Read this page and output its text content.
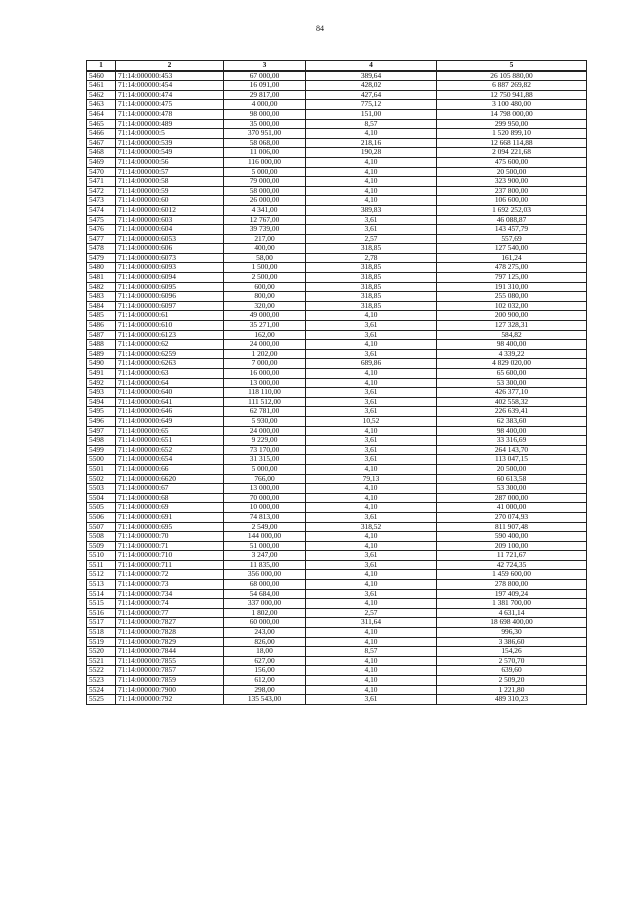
84
1	2	3	4	5
5460	71:14:000000:453	67 000,00	389,64	26 105 880,00
5461	71:14:000000:454	16 091,00	428,02	6 887 269,82
5462	71:14:000000:474	29 817,00	427,64	12 750 941,88
5463	71:14:000000:475	4 000,00	775,12	3 100 480,00
5464	71:14:000000:478	98 000,00	151,00	14 798 000,00
5465	71:14:000000:489	35 000,00	8,57	299 950,00
5466	71:14:000000:5	370 951,00	4,10	1 520 899,10
5467	71:14:000000:539	58 068,00	218,16	12 668 114,88
5468	71:14:000000:549	11 006,00	190,28	2 094 221,68
5469	71:14:000000:56	116 000,00	4,10	475 600,00
5470	71:14:000000:57	5 000,00	4,10	20 500,00
5471	71:14:000000:58	79 000,00	4,10	323 900,00
5472	71:14:000000:59	58 000,00	4,10	237 800,00
5473	71:14:000000:60	26 000,00	4,10	106 600,00
5474	71:14:000000:6012	4 341,00	389,83	1 692 252,03
5475	71:14:000000:603	12 767,00	3,61	46 088,87
5476	71:14:000000:604	39 739,00	3,61	143 457,79
5477	71:14:000000:6053	217,00	2,57	557,69
5478	71:14:000000:606	400,00	318,85	127 540,00
5479	71:14:000000:6073	58,00	2,78	161,24
5480	71:14:000000:6093	1 500,00	318,85	478 275,00
5481	71:14:000000:6094	2 500,00	318,85	797 125,00
5482	71:14:000000:6095	600,00	318,85	191 310,00
5483	71:14:000000:6096	800,00	318,85	255 080,00
5484	71:14:000000:6097	320,00	318,85	102 032,00
5485	71:14:000000:61	49 000,00	4,10	200 900,00
5486	71:14:000000:610	35 271,00	3,61	127 328,31
5487	71:14:000000:6123	162,00	3,61	584,82
5488	71:14:000000:62	24 000,00	4,10	98 400,00
5489	71:14:000000:6259	1 202,00	3,61	4 339,22
5490	71:14:000000:6263	7 000,00	689,86	4 829 020,00
5491	71:14:000000:63	16 000,00	4,10	65 600,00
5492	71:14:000000:64	13 000,00	4,10	53 300,00
5493	71:14:000000:640	118 110,00	3,61	426 377,10
5494	71:14:000000:641	111 512,00	3,61	402 558,32
5495	71:14:000000:646	62 781,00	3,61	226 639,41
5496	71:14:000000:649	5 930,00	10,52	62 383,60
5497	71:14:000000:65	24 000,00	4,10	98 400,00
5498	71:14:000000:651	9 229,00	3,61	33 316,69
5499	71:14:000000:652	73 170,00	3,61	264 143,70
5500	71:14:000000:654	31 315,00	3,61	113 047,15
5501	71:14:000000:66	5 000,00	4,10	20 500,00
5502	71:14:000000:6620	766,00	79,13	60 613,58
5503	71:14:000000:67	13 000,00	4,10	53 300,00
5504	71:14:000000:68	70 000,00	4,10	287 000,00
5505	71:14:000000:69	10 000,00	4,10	41 000,00
5506	71:14:000000:691	74 813,00	3,61	270 074,93
5507	71:14:000000:695	2 549,00	318,52	811 907,48
5508	71:14:000000:70	144 000,00	4,10	590 400,00
5509	71:14:000000:71	51 000,00	4,10	209 100,00
5510	71:14:000000:710	3 247,00	3,61	11 721,67
5511	71:14:000000:711	11 835,00	3,61	42 724,35
5512	71:14:000000:72	356 000,00	4,10	1 459 600,00
5513	71:14:000000:73	68 000,00	4,10	278 800,00
5514	71:14:000000:734	54 684,00	3,61	197 409,24
5515	71:14:000000:74	337 000,00	4,10	1 381 700,00
5516	71:14:000000:77	1 802,00	2,57	4 631,14
5517	71:14:000000:7827	60 000,00	311,64	18 698 400,00
5518	71:14:000000:7828	243,00	4,10	996,30
5519	71:14:000000:7829	826,00	4,10	3 386,60
5520	71:14:000000:7844	18,00	8,57	154,26
5521	71:14:000000:7855	627,00	4,10	2 570,70
5522	71:14:000000:7857	156,00	4,10	639,60
5523	71:14:000000:7859	612,00	4,10	2 509,20
5524	71:14:000000:7900	298,00	4,10	1 221,80
5525	71:14:000000:792	135 543,00	3,61	489 310,23
